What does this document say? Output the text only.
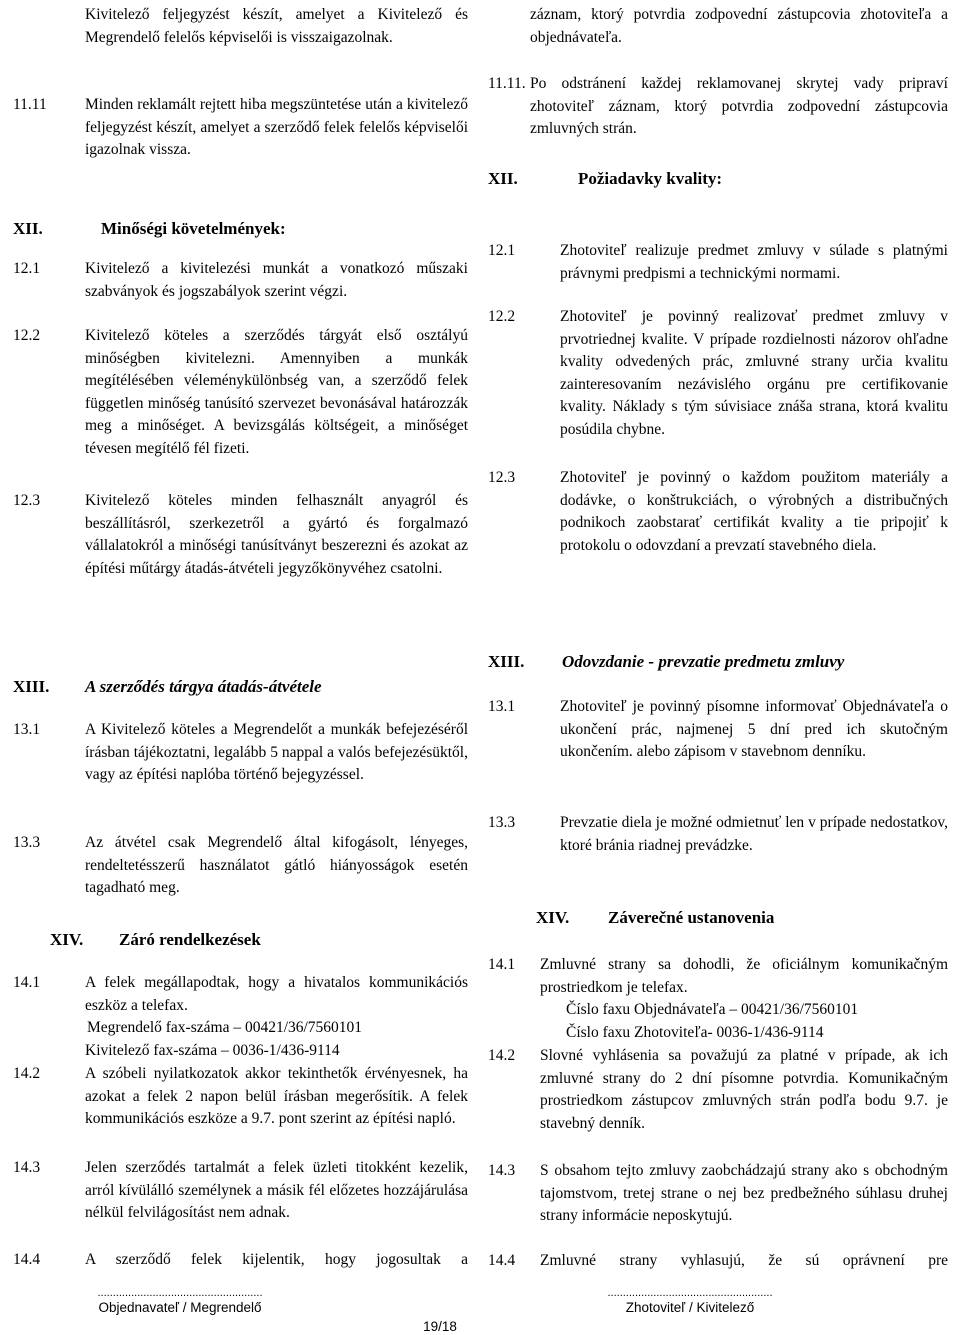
Kivitelező feljegyzést készít, amelyet a Kivitelező és Megrendelő felelős képviselői is visszaigazolnak.
11.11 Minden reklamált rejtett hiba megszüntetése után a kivitelező feljegyzést készít, amelyet a szerződő felek felelős képviselői igazolnak vissza.
XII.	Minőségi követelmények:
12.1	Kivitelező a kivitelezési munkát a vonatkozó műszaki szabványok és jogszabályok szerint végzi.
12.2	Kivitelező köteles a szerződés tárgyát első osztályú minőségben kivitelezni. Amennyiben a munkák megítélésében véleménykülönbség van, a szerződő felek független minőség tanúsító szervezet bevonásával határozzák meg a minőséget. A bevizsgálás költségeit, a minőséget tévesen megítélő fél fizeti.
12.3	Kivitelező köteles minden felhasznált anyagról és beszállításról, szerkezetről a gyártó és forgalmazó vállalatokról a minőségi tanúsítványt beszerezni és azokat az építési műtárgy átadás-átvételi jegyzőkönyvéhez csatolni.
XIII. A szerződés tárgya átadás-átvétele
13.1	A Kivitelező köteles a Megrendelőt a munkák befejezéséről írásban tájékoztatni, legalább 5 nappal a valós befejezésüktől, vagy az építési naplóba történő bejegyzéssel.
13.3	Az átvétel csak Megrendelő által kifogásolt, lényeges, rendeltetésszerű használatot gátló hiányosságok esetén tagadható meg.
XIV. Záró rendelkezések
14.1	A felek megállapodtak, hogy a hivatalos kommunikációs eszköz a telefax.
Megrendelő fax-száma – 00421/36/7560101
Kivitelező fax-száma – 0036-1/436-9114
14.2	A szóbeli nyilatkozatok akkor tekinthetők érvényesnek, ha azokat a felek 2 napon belül írásban megerősítik. A felek kommunikációs eszköze a 9.7. pont szerint az építési napló.
14.3	Jelen szerződés tartalmát a felek üzleti titokként kezelik, arról kívülálló személynek a másik fél előzetes hozzájárulása nélkül felvilágosítást nem adnak.
14.4	A szerződő felek kijelentik, hogy jogosultak a
záznam, ktorý potvrdia zodpovední zástupcovia zhotoviteľa a objednávateľa.
11.11. Po odstránení každej reklamovanej skrytej vady pripraví zhotoviteľ záznam, ktorý potvrdia zodpovední zástupcovia zmluvných strán.
XII.	Požiadavky kvality:
12.1	Zhotoviteľ realizuje predmet zmluvy v súlade s platnými právnymi predpismi a technickými normami.
12.2	Zhotoviteľ je povinný realizovať predmet zmluvy v prvotriednej kvalite. V prípade rozdielnosti názorov ohľadne kvality odvedených prác, zmluvné strany určia kvalitu zainteresovaním nezávislého orgánu pre certifikovanie kvality. Náklady s tým súvisiace znáša strana, ktorá kvalitu posúdila chybne.
12.3	Zhotoviteľ je povinný o každom použitom materiály a dodávke, o konštrukciách, o výrobných a distribučných podnikoch zaobstarať certifikát kvality a tie pripojiť k protokolu o odovzdaní a prevzatí stavebného diela.
XIII. Odovzdanie - prevzatie predmetu zmluvy
13.1	Zhotoviteľ je povinný písomne informovať Objednávateľa o ukončení prác, najmenej 5 dní pred ich skutočným ukončením. alebo zápisom v stavebnom denníku.
13.3	Prevzatie diela je možné odmietnuť len v prípade nedostatkov, ktoré bránia riadnej prevádzke.
XIV. Záverečné ustanovenia
14.1 Zmluvné strany sa dohodli, že oficiálnym komunikačným prostriedkom je telefax.
Číslo faxu Objednávateľa – 00421/36/7560101
Číslo faxu Zhotoviteľa- 0036-1/436-9114
14.2 Slovné vyhlásenia sa považujú za platné v prípade, ak ich zmluvné strany do 2 dní písomne potvrdia. Komunikačným prostriedkom zástupcov zmluvných strán podľa bodu 9.7. je stavebný denník.
14.3 S obsahom tejto zmluvy zaobchádzajú strany ako s obchodným tajomstvom, tretej strane o nej bez predbežného súhlasu druhej strany informácie neposkytujú.
14.4 Zmluvné strany vyhlasujú, že sú oprávnení pre
......................................................
Objednavateľ / Megrendelő
19/18
......................................................
Zhotoviteľ / Kivitelező
